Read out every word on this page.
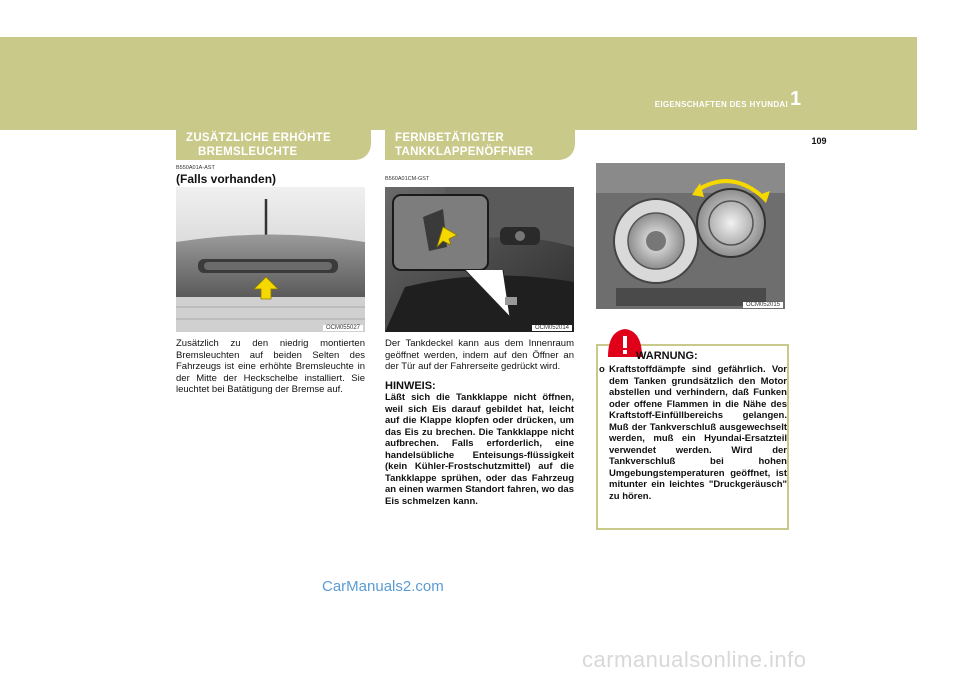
EIGENSCHAFTEN DES HYUNDAI 1
109
ZUSÄTZLICHE ERHÖHTE
BREMSLEUCHTE
B550A01A-AST
(Falls vorhanden)
OCM055027
Zusätzlich zu den niedrig montierten Bremsleuchten auf beiden Selten des Fahrzeugs ist eine erhöhte Bremsleuchte in der Mitte der Heckschelbe installiert. Sie leuchtet bei Batätigung der Bremse auf.
FERNBETÄTIGTER
TANKKLAPPENÖFFNER
B560A01CM-GST
OCM052014
Der Tankdeckel kann aus dem Innenraum geöffnet werden, indem auf den Öffner an der Tür auf der Fahrerseite gedrückt wird.
HINWEIS:
Läßt sich die Tankklappe nicht öffnen, weil sich Eis darauf gebildet hat, leicht auf die Klappe klopfen oder drücken, um das Eis zu brechen. Die Tankklappe nicht aufbrechen. Falls erforderlich, eine handelsübliche Enteisungs-flüssigkeit (kein Kühler-Frostschutzmittel) auf die Tankklappe sprühen, oder das Fahrzeug an einen warmen Standort fahren, wo das Eis schmelzen kann.
OCM052015
WARNUNG:
o Kraftstoffdämpfe sind gefährlich. Vor dem Tanken grundsätzlich den Motor abstellen und verhindern, daß Funken oder offene Flammen in die Nähe des Kraftstoff-Einfüllbereichs gelangen. Muß der Tankverschluß ausgewechselt werden, muß ein Hyundai-Ersatzteil verwendet werden. Wird der Tankverschluß bei hohen Umgebungstemperaturen geöffnet, ist mitunter ein leichtes "Druckgeräusch" zu hören.
CarManuals2.com
carmanualsonline.info
